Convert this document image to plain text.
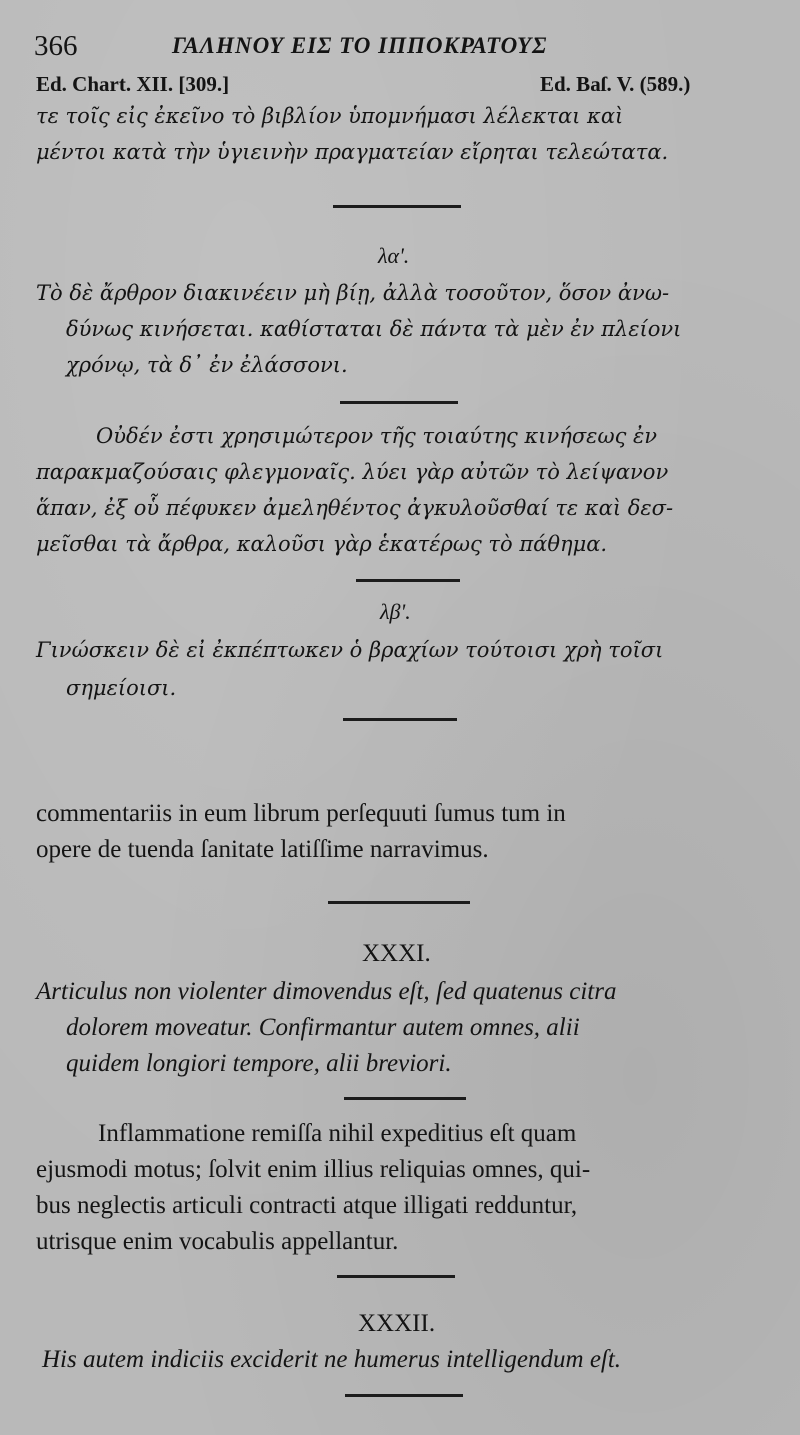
366	ΓΑΛΗΝΟΥ ΕΙΣ ΤΟ ΙΠΠΟΚΡΑΤΟΥΣ
Ed. Chart. XII. [309.]	Ed. Baſ. V. (589.)
τε τοῖς εἰς ἐκεῖνο τὸ βιβλίον ὑπομνήμασι λέλεκται καὶ
μέντοι κατὰ τὴν ὑγιεινὴν πραγματείαν εἴρηται τελεώτατα.
λα'.
Τὸ δὲ ἄρθρον διακινέειν μὴ βίῃ, ἀλλὰ τοσοῦτον, ὅσον ἀνω-
δύνως κινήσεται. καθίσταται δὲ πάντα τὰ μὲν ἐν πλείονι
χρόνῳ, τὰ δ᾽ ἐν ἐλάσσονι.
Οὐδέν ἐστι χρησιμώτερον τῆς τοιαύτης κινήσεως ἐν
παρακμαζούσαις φλεγμοναῖς. λύει γὰρ αὐτῶν τὸ λείψανον
ἅπαν, ἐξ οὗ πέφυκεν ἀμεληθέντος ἀγκυλοῦσθαί τε καὶ δεσ-
μεῖσθαι τὰ ἄρθρα, καλοῦσι γὰρ ἑκατέρως τὸ πάθημα.
λβ'.
Γινώσκειν δὲ εἰ ἐκπέπτωκεν ὁ βραχίων τούτοισι χρὴ τοῖσι
σημείοισι.
commentariis in eum librum perſequuti ſumus tum in
opere de tuenda ſanitate latiſſime narravimus.
XXXI.
Articulus non violenter dimovendus eſt, ſed quatenus citra
dolorem moveatur. Confirmantur autem omnes, alii
quidem longiori tempore, alii breviori.
Inflammatione remiſſa nihil expeditius eſt quam
ejusmodi motus; ſolvit enim illius reliquias omnes, qui-
bus neglectis articuli contracti atque illigati redduntur,
utrisque enim vocabulis appellantur.
XXXII.
His autem indiciis exciderit ne humerus intelligendum eſt.
